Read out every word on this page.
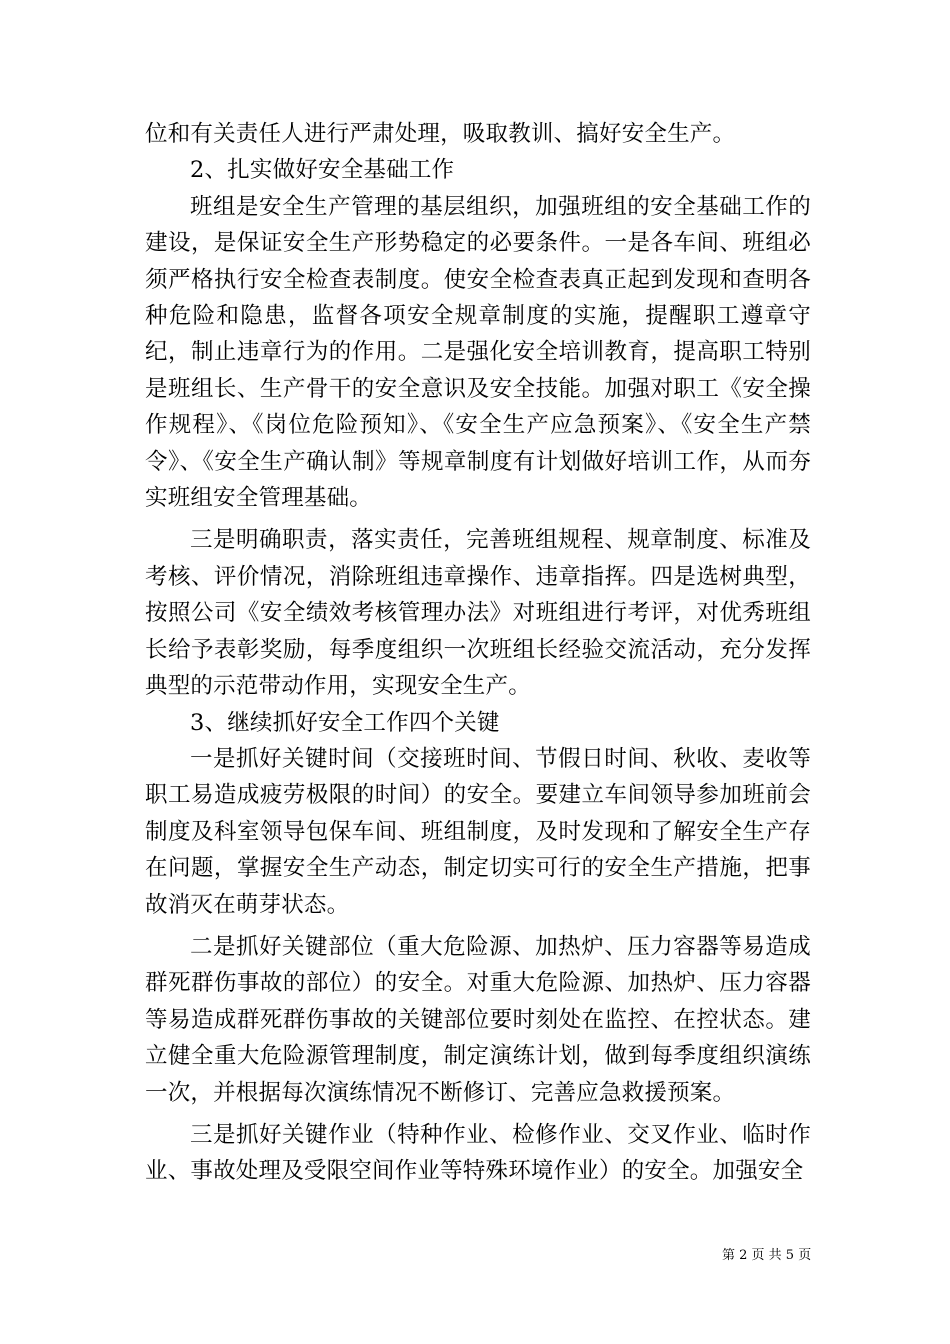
位和有关责任人进行严肃处理，吸取教训、搞好安全生产。

2、扎实做好安全基础工作

班组是安全生产管理的基层组织，加强班组的安全基础工作的建设，是保证安全生产形势稳定的必要条件。一是各车间、班组必须严格执行安全检查表制度。使安全检查表真正起到发现和查明各种危险和隐患，监督各项安全规章制度的实施，提醒职工遵章守纪，制止违章行为的作用。二是强化安全培训教育，提高职工特别是班组长、生产骨干的安全意识及安全技能。加强对职工《安全操作规程》、《岗位危险预知》、《安全生产应急预案》、《安全生产禁令》、《安全生产确认制》等规章制度有计划做好培训工作，从而夯实班组安全管理基础。

三是明确职责，落实责任，完善班组规程、规章制度、标准及考核、评价情况，消除班组违章操作、违章指挥。四是选树典型，按照公司《安全绩效考核管理办法》对班组进行考评，对优秀班组长给予表彰奖励，每季度组织一次班组长经验交流活动，充分发挥典型的示范带动作用，实现安全生产。

3、继续抓好安全工作四个关键

一是抓好关键时间（交接班时间、节假日时间、秋收、麦收等职工易造成疲劳极限的时间）的安全。要建立车间领导参加班前会制度及科室领导包保车间、班组制度，及时发现和了解安全生产存在问题，掌握安全生产动态，制定切实可行的安全生产措施，把事故消灭在萌芽状态。

二是抓好关键部位（重大危险源、加热炉、压力容器等易造成群死群伤事故的部位）的安全。对重大危险源、加热炉、压力容器等易造成群死群伤事故的关键部位要时刻处在监控、在控状态。建立健全重大危险源管理制度，制定演练计划，做到每季度组织演练一次，并根据每次演练情况不断修订、完善应急救援预案。

三是抓好关键作业（特种作业、检修作业、交叉作业、临时作业、事故处理及受限空间作业等特殊环境作业）的安全。加强安全

第 2 页 共 5 页
